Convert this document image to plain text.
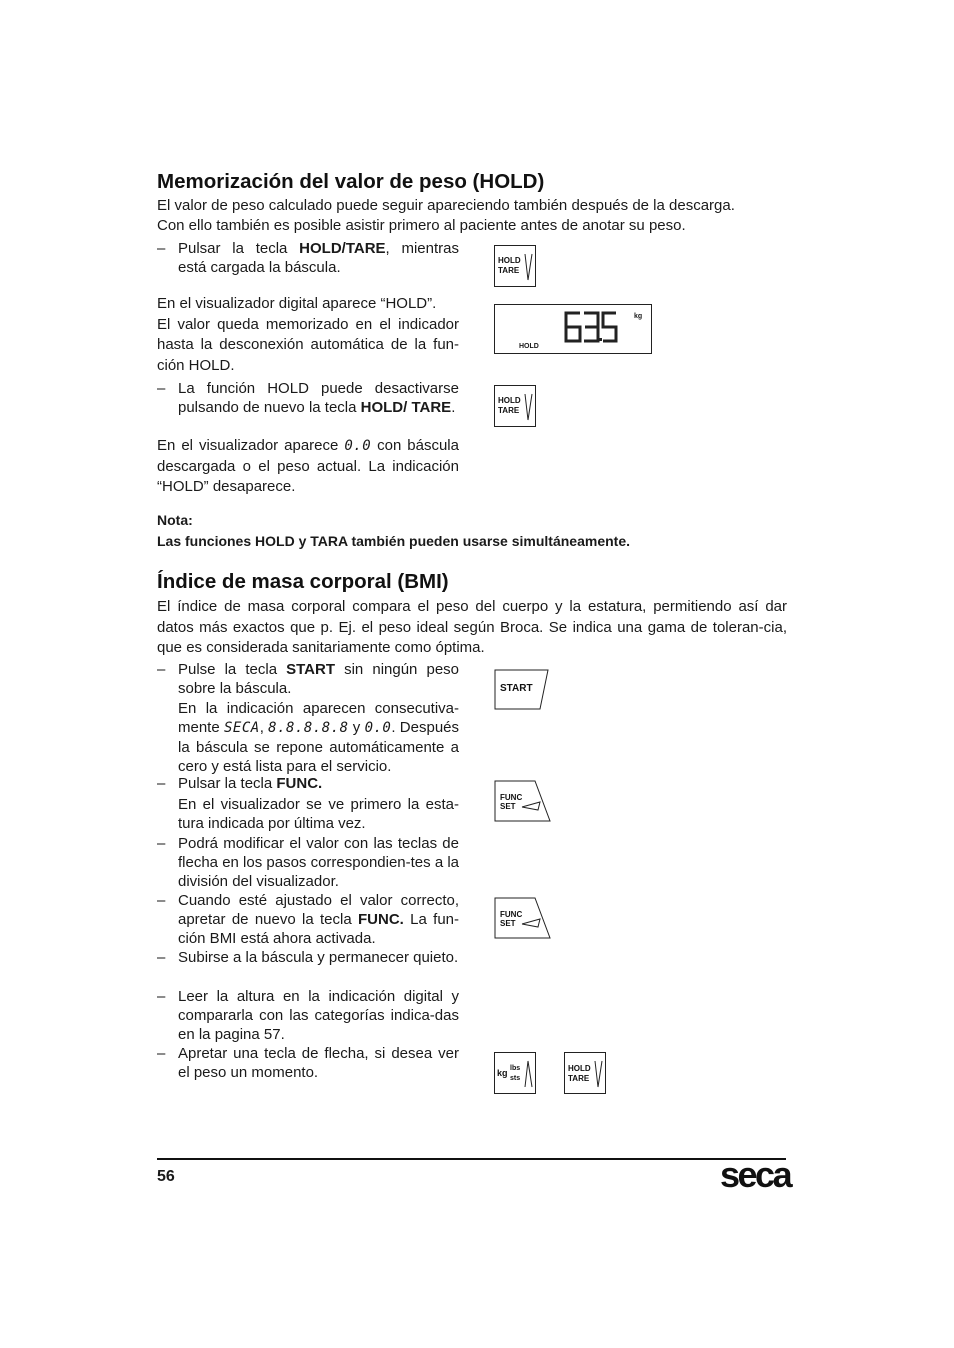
Memorización del valor de peso (HOLD)

El valor de peso calculado puede seguir apareciendo también después de la descarga.

Con ello también es posible asistir primero al paciente antes de anotar su peso.

– Pulsar la tecla HOLD/TARE, mientras está cargada la báscula.	HOLD
TARE

En el visualizador digital aparece “HOLD”.
El valor queda memorizado en el indicador hasta la desconexión automática de la fun-ción HOLD.

kg
HOLD
– La función HOLD puede desactivarse pulsando de nuevo la tecla HOLD/ TARE.	HOLD
TARE

En el visualizador aparece 0.0 con báscula descargada o el peso actual. La indicación “HOLD” desaparece.

Nota:
Las funciones HOLD y TARA también pueden usarse simultáneamente.
Índice de masa corporal (BMI)

El índice de masa corporal compara el peso del cuerpo y la estatura, permitiendo así dar datos más exactos que p. Ej. el peso ideal según Broca. Se indica una gama de toleran-cia, que es considerada sanitariamente como óptima.

– Pulse la tecla START sin ningún peso sobre la báscula.
En la indicación aparecen consecutiva-mente SECA, 8.8.8.8.8 y 0.0. Después la báscula se repone automáticamente a cero y está lista para el servicio.
START
– Pulsar la tecla FUNC.
En el visualizador se ve primero la esta-tura indicada por última vez.
FUNC
SET
– Podrá modificar el valor con las teclas de flecha en los pasos correspondien-tes a la división del visualizador.
– Cuando esté ajustado el valor correcto, apretar de nuevo la tecla FUNC. La fun-ción BMI está ahora activada.
FUNC
SET
– Subirse a la báscula y permanecer quieto.
– Leer la altura en la indicación digital y compararla con las categorías indica-das en la pagina 57.
– Apretar una tecla de flecha, si desea ver el peso un momento.	kg lbs
sts
HOLD
TARE
56	seca
